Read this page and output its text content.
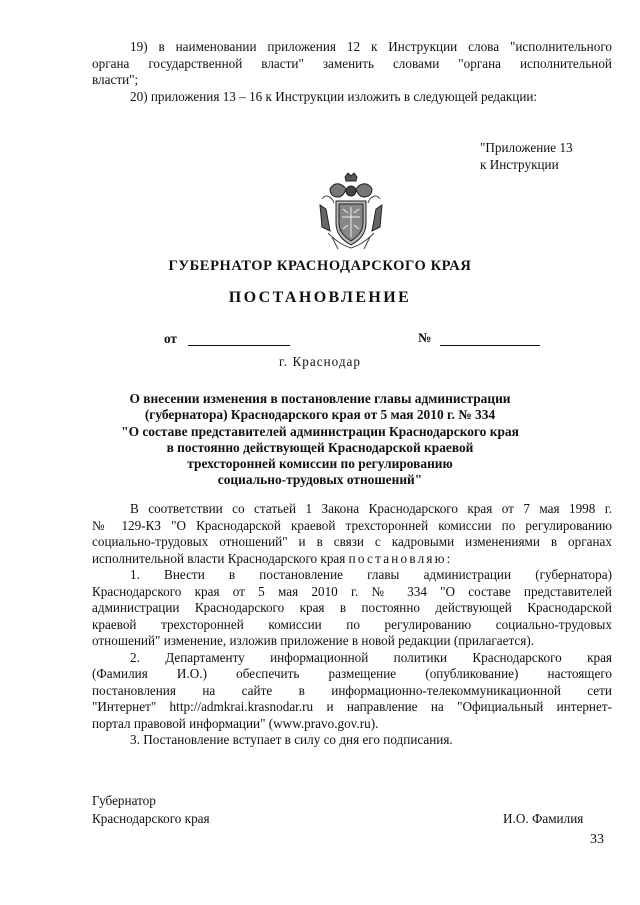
19) в наименовании приложения 12 к Инструкции слова "исполнительного
органа государственной власти" заменить словами "органа исполнительной
власти";
20) приложения 13 – 16 к Инструкции изложить в следующей редакции:
"Приложение 13
к Инструкции
ГУБЕРНАТОР КРАСНОДАРСКОГО КРАЯ
ПОСТАНОВЛЕНИЕ
от	№
г. Краснодар
О внесении изменения в постановление главы администрации
(губернатора) Краснодарского края от 5 мая 2010 г. № 334
"О составе представителей администрации Краснодарского края
в постоянно действующей Краснодарской краевой
трехсторонней комиссии по регулированию
социально-трудовых отношений"
В соответствии со статьей 1 Закона Краснодарского края от 7 мая 1998 г.
№ 129-КЗ "О Краснодарской краевой трехсторонней комиссии по регулированию
социально-трудовых отношений" и в связи с кадровыми изменениями в органах
исполнительной власти Краснодарского края постановляю:
1. Внести в постановление главы администрации (губернатора)
Краснодарского края от 5 мая 2010 г. № 334 "О составе представителей
администрации Краснодарского края в постоянно действующей Краснодарской
краевой трехсторонней комиссии по регулированию социально-трудовых
отношений" изменение, изложив приложение в новой редакции (прилагается).
2. Департаменту информационной политики Краснодарского края
(Фамилия И.О.) обеспечить размещение (опубликование) настоящего
постановления на сайте в информационно-телекоммуникационной сети
"Интернет" http://admkrai.krasnodar.ru и направление на "Официальный интернет-
портал правовой информации" (www.pravo.gov.ru).
3. Постановление вступает в силу со дня его подписания.
Губернатор
Краснодарского края	И.О. Фамилия
33
